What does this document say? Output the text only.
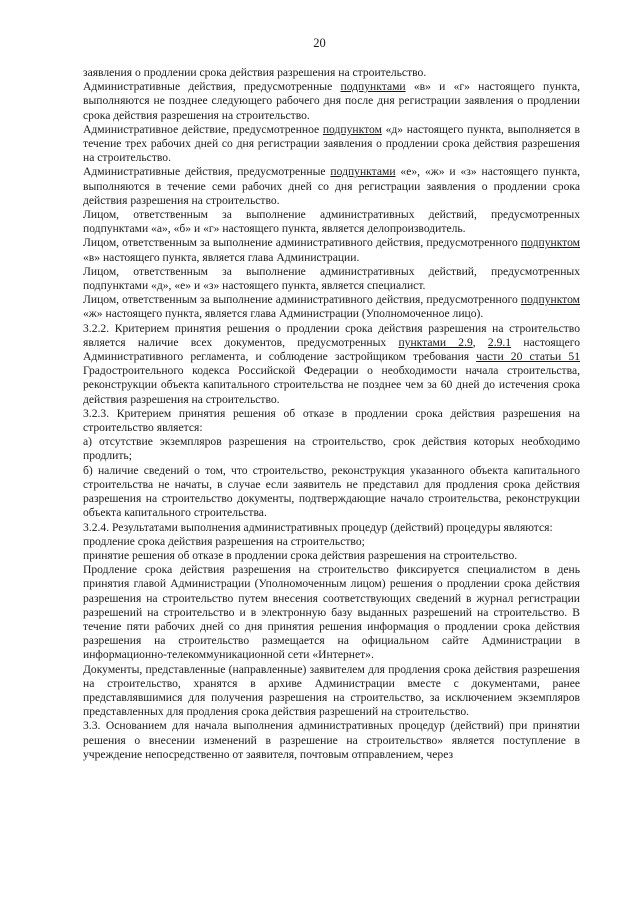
20

заявления о продлении срока действия разрешения на строительство.

Административные действия, предусмотренные подпунктами «в» и «г» настоящего пункта, выполняются не позднее следующего рабочего дня после дня регистрации заявления о продлении срока действия разрешения на строительство.

Административное действие, предусмотренное подпунктом «д» настоящего пункта, выполняется в течение трех рабочих дней со дня регистрации заявления о продлении срока действия разрешения на строительство.

Административные действия, предусмотренные подпунктами «е», «ж» и «з» настоящего пункта, выполняются в течение семи рабочих дней со дня регистрации заявления о продлении срока действия разрешения на строительство.

Лицом, ответственным за выполнение административных действий, предусмотренных подпунктами «а», «б» и «г» настоящего пункта, является делопроизводитель.

Лицом, ответственным за выполнение административного действия, предусмотренного подпунктом «в» настоящего пункта, является глава Администрации.

Лицом, ответственным за выполнение административных действий, предусмотренных подпунктами «д», «е» и «з» настоящего пункта, является специалист.

Лицом, ответственным за выполнение административного действия, предусмотренного подпунктом «ж» настоящего пункта, является глава Администрации (Уполномоченное лицо).

3.2.2. Критерием принятия решения о продлении срока действия разрешения на строительство является наличие всех документов, предусмотренных пунктами 2.9, 2.9.1 настоящего Административного регламента, и соблюдение застройщиком требования части 20 статьи 51 Градостроительного кодекса Российской Федерации о необходимости начала строительства, реконструкции объекта капитального строительства не позднее чем за 60 дней до истечения срока действия разрешения на строительство.

3.2.3. Критерием принятия решения об отказе в продлении срока действия разрешения на строительство является:

а) отсутствие экземпляров разрешения на строительство, срок действия которых необходимо продлить;

б) наличие сведений о том, что строительство, реконструкция указанного объекта капитального строительства не начаты, в случае если заявитель не представил для продления срока действия разрешения на строительство документы, подтверждающие начало строительства, реконструкции объекта капитального строительства.

3.2.4. Результатами выполнения административных процедур (действий) процедуры являются:

продление срока действия разрешения на строительство;

принятие решения об отказе в продлении срока действия разрешения на строительство.

Продление срока действия разрешения на строительство фиксируется специалистом в день принятия главой Администрации (Уполномоченным лицом) решения о продлении срока действия разрешения на строительство путем внесения соответствующих сведений в журнал регистрации разрешений на строительство и в электронную базу выданных разрешений на строительство. В течение пяти рабочих дней со дня принятия решения информация о продлении срока действия разрешения на строительство размещается на официальном сайте Администрации в информационно-телекоммуникационной сети «Интернет».

Документы, представленные (направленные) заявителем для продления срока действия разрешения на строительство, хранятся в архиве Администрации вместе с документами, ранее представлявшимися для получения разрешения на строительство, за исключением экземпляров представленных для продления срока действия разрешений на строительство.

3.3. Основанием для начала выполнения административных процедур (действий) при принятии решения о внесении изменений в разрешение на строительство» является поступление в учреждение непосредственно от заявителя, почтовым отправлением, через
